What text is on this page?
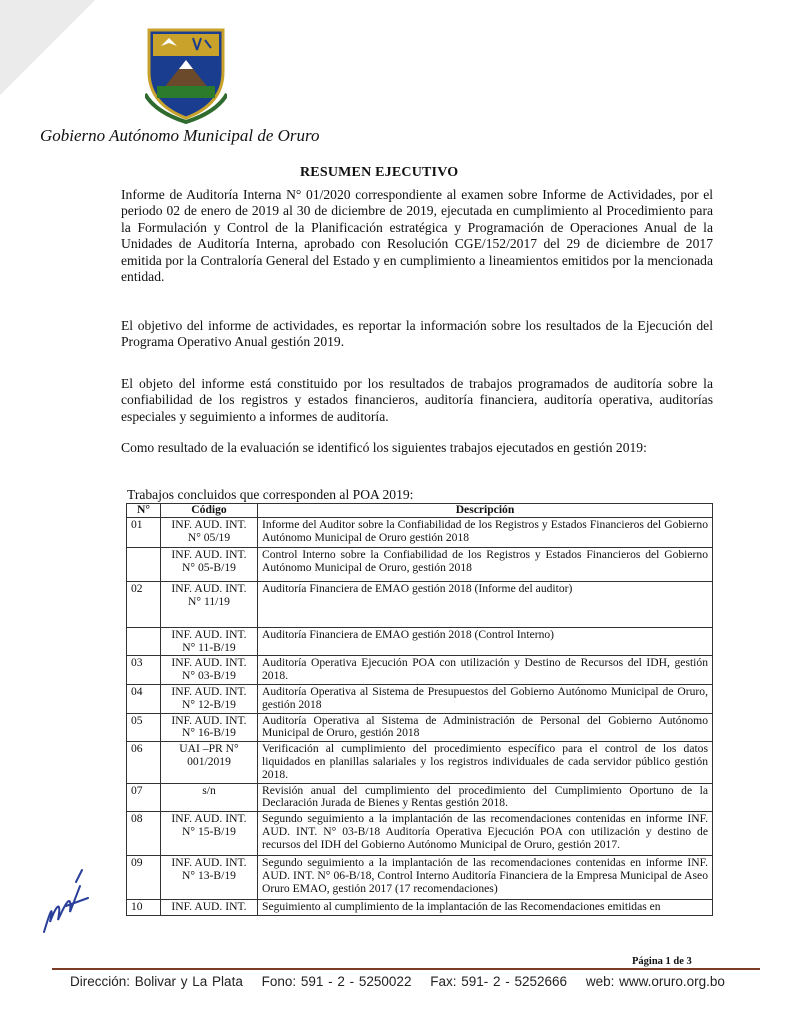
Gobierno Autónomo Municipal de Oruro
RESUMEN EJECUTIVO
Informe de Auditoría Interna N° 01/2020 correspondiente al examen sobre Informe de Actividades, por el periodo 02 de enero de 2019 al 30 de diciembre de 2019, ejecutada en cumplimiento al Procedimiento para la Formulación y Control de la Planificación estratégica y Programación de Operaciones Anual de la Unidades de Auditoría Interna, aprobado con Resolución CGE/152/2017 del 29 de diciembre de 2017 emitida por la Contraloría General del Estado y en cumplimiento a lineamientos emitidos por la mencionada entidad.
El objetivo del informe de actividades, es reportar la información sobre los resultados de la Ejecución del Programa Operativo Anual gestión 2019.
El objeto del informe está constituido por los resultados de trabajos programados de auditoría sobre la confiabilidad de los registros y estados financieros, auditoría financiera, auditoría operativa, auditorías especiales y seguimiento a informes de auditoría.
Como resultado de la evaluación se identificó los siguientes trabajos ejecutados en gestión 2019:
Trabajos concluidos que corresponden al POA 2019:
N°	Código	Descripción
01	INF. AUD. INT. N° 05/19	Informe del Auditor sobre la Confiabilidad de los Registros y Estados Financieros del Gobierno Autónomo Municipal de Oruro gestión 2018
	INF. AUD. INT. N° 05-B/19	Control Interno sobre la Confiabilidad de los Registros y Estados Financieros del Gobierno Autónomo Municipal de Oruro, gestión 2018
02	INF. AUD. INT. N° 11/19	Auditoría Financiera de EMAO gestión 2018 (Informe del auditor)
	INF. AUD. INT. N° 11-B/19	Auditoría Financiera de EMAO gestión 2018 (Control Interno)
03	INF. AUD. INT. N° 03-B/19	Auditoría Operativa Ejecución POA con utilización y Destino de Recursos del IDH, gestión 2018.
04	INF. AUD. INT. N° 12-B/19	Auditoría Operativa al Sistema de Presupuestos del Gobierno Autónomo Municipal de Oruro, gestión 2018
05	INF. AUD. INT. N° 16-B/19	Auditoría Operativa al Sistema de Administración de Personal del Gobierno Autónomo Municipal de Oruro, gestión 2018
06	UAI –PR N° 001/2019	Verificación al cumplimiento del procedimiento específico para el control de los datos liquidados en planillas salariales y los registros individuales de cada servidor público gestión 2018.
07	s/n	Revisión anual del cumplimiento del procedimiento del Cumplimiento Oportuno de la Declaración Jurada de Bienes y Rentas gestión 2018.
08	INF. AUD. INT. N° 15-B/19	Segundo seguimiento a la implantación de las recomendaciones contenidas en informe INF. AUD. INT. N° 03-B/18 Auditoría Operativa Ejecución POA con utilización y destino de recursos del IDH del Gobierno Autónomo Municipal de Oruro, gestión 2017.
09	INF. AUD. INT. N° 13-B/19	Segundo seguimiento a la implantación de las recomendaciones contenidas en informe INF. AUD. INT. N° 06-B/18, Control Interno Auditoría Financiera de la Empresa Municipal de Aseo Oruro EMAO, gestión 2017 (17 recomendaciones)
10	INF. AUD. INT.	Seguimiento al cumplimiento de la implantación de las Recomendaciones emitidas en
Página 1 de 3
Dirección: Bolivar y La Plata Fono: 591 - 2 - 5250022 Fax: 591- 2 - 5252666 web: www.oruro.org.bo
